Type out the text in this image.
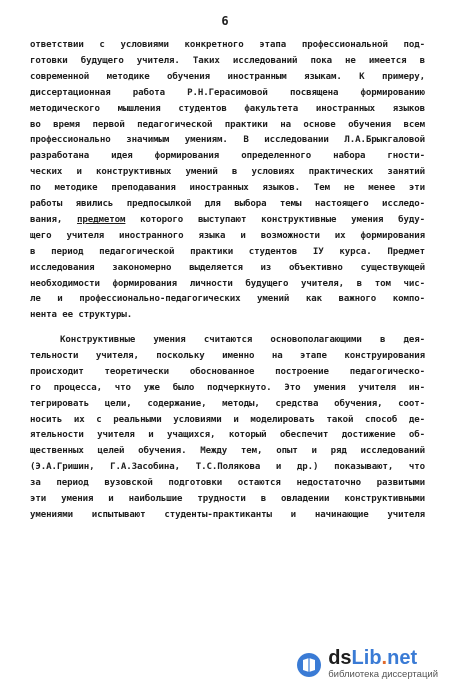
6
ответствии с условиями конкретного этапа профессиональной под-
готовки будущего учителя. Таких исследований пока не имеется в
современной методике обучения иностранным языкам. К примеру,
диссертационная работа Р.Н.Герасимовой посвящена формированию
методического мышления студентов факультета иностранных языков
во время первой педагогической практики на основе обучения всем
профессионально значимым умениям. В исследовании Л.А.Брыкгаловой
разработана идея формирования определенного набора гности-
ческих и конструктивных умений в условиях практических занятий
по методике преподавания иностранных языков. Тем не менее эти
работы явились предпосылкой для выбора темы настоящего исследо-
вания, предметом которого выступают конструктивные умения буду-
щего учителя иностранного языка и возможности их формирования
в период педагогической практики студентов IУ курса. Предмет
исследования закономерно выделяется из объективно существующей
необходимости формирования личности будущего учителя, в том чис-
ле и профессионально-педагогических умений как важного компо-
нента ее структуры.
Конструктивные умения считаются основополагающими в дея-
тельности учителя, поскольку именно на этапе конструирования
происходит теоретически обоснованное построение педагогическо-
го процесса, что уже было подчеркнуто. Это умения учителя ин-
тегрировать цели, содержание, методы, средства обучения, соот-
носить их с реальными условиями и моделировать такой способ де-
ятельности учителя и учащихся, который обеспечит достижение об-
щественных целей обучения. Между тем, опыт и ряд исследований
(Э.А.Гришин, Г.А.Засобина, Т.С.Полякова и др.) показывают, что
за период вузовской подготовки остаются недостаточно развитыми
эти умения и наибольшие трудности в овладении конструктивными
умениями испытывают студенты-практиканты и начинающие учителя
dsLib.net
библиотека диссертаций
